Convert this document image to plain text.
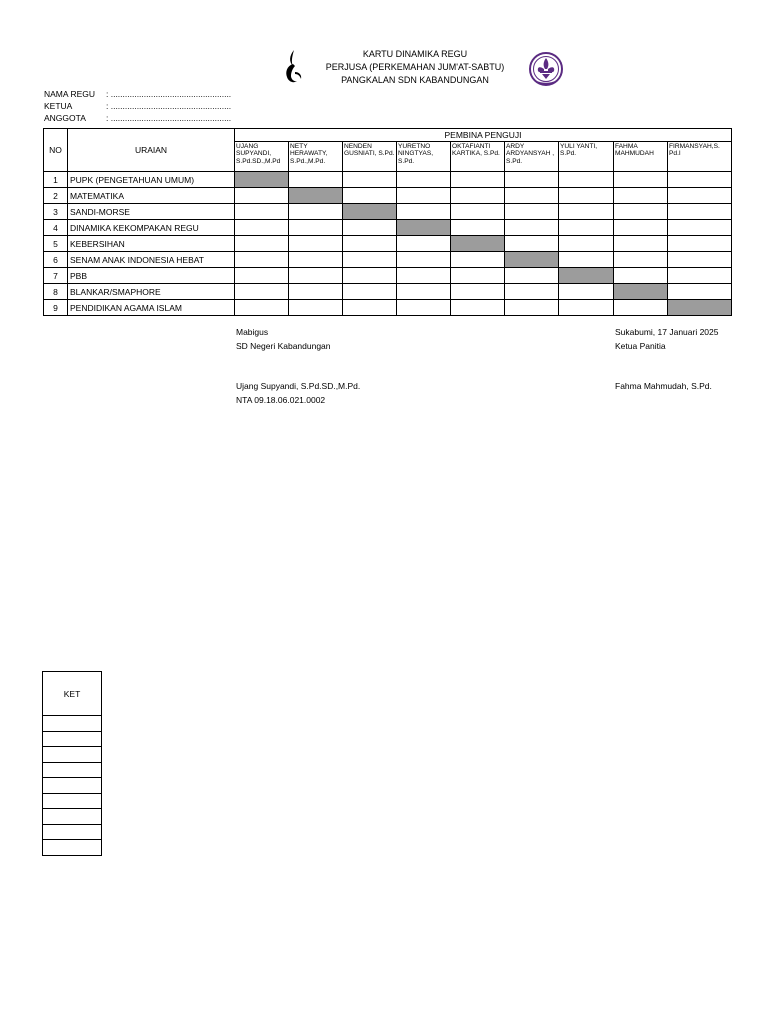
KARTU DINAMIKA REGU
PERJUSA (PERKEMAHAN JUM'AT-SABTU)
PANGKALAN SDN KABANDUNGAN
NAMA REGU : ...................................................
KETUA	: ...................................................
ANGGOTA : ...................................................
NO	URAIAN	PEMBINA PENGUJI								
		UJANG SUPYANDI, S.Pd.SD.,M.Pd	NETY HERAWATY, S.Pd.,M.Pd.	NENDEN GUSNIATI, S.Pd.	YURETNO NINGTYAS, S.Pd.	OKTAFIANTI KARTIKA, S.Pd.	ARDY ARDYANSYAH , S.Pd.	YULI YANTI, S.Pd.	FAHMA MAHMUDAH	FIRMANSYAH,S. Pd.I
1	PUPK (PENGETAHUAN UMUM)									
2	MATEMATIKA									
3	SANDI-MORSE									
4	DINAMIKA KEKOMPAKAN REGU									
5	KEBERSIHAN									
6	SENAM ANAK INDONESIA HEBAT									
7	PBB									
8	BLANKAR/SMAPHORE									
9	PENDIDIKAN AGAMA ISLAM									
Mabigus
SD Negeri Kabandungan
Ujang Supyandi, S.Pd.SD.,M.Pd.
NTA 09.18.06.021.0002
Sukabumi, 17 Januari 2025
Ketua Panitia
Fahma Mahmudah, S.Pd.
KET
